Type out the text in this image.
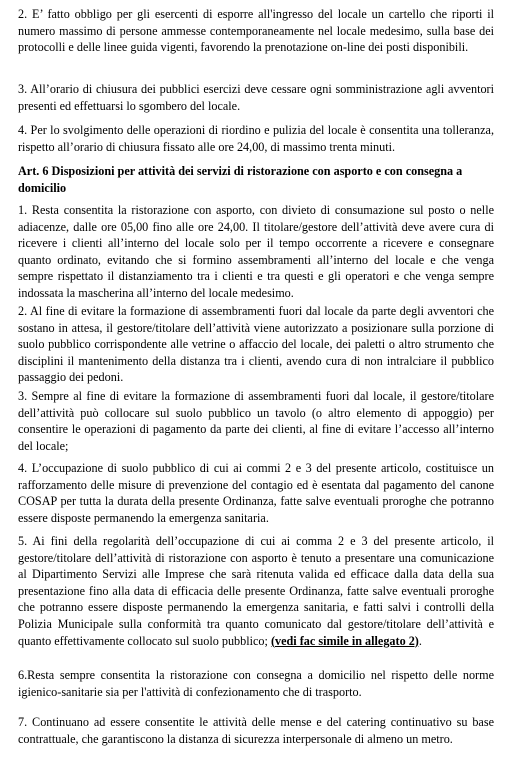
2. E’ fatto obbligo per gli esercenti di esporre all'ingresso del locale un cartello che riporti il numero massimo di persone ammesse contemporaneamente nel locale medesimo, sulla base dei protocolli e delle linee guida vigenti, favorendo la prenotazione on-line dei posti disponibili.

3. All’orario di chiusura dei pubblici esercizi deve cessare ogni somministrazione agli avventori presenti ed effettuarsi lo sgombero del locale.

4. Per lo svolgimento delle operazioni di riordino e pulizia del locale è consentita una tolleranza, rispetto all’orario di chiusura fissato alle ore 24,00, di massimo trenta minuti.

Art. 6 Disposizioni per attività dei servizi di ristorazione con asporto e con consegna a domicilio

1. Resta consentita la ristorazione con asporto, con divieto di consumazione sul posto o nelle adiacenze, dalle ore 05,00 fino alle ore 24,00. Il titolare/gestore dell’attività deve avere cura di ricevere i clienti all’interno del locale solo per il tempo occorrente a ricevere e consegnare quanto ordinato, evitando che si formino assembramenti all’interno del locale e che venga sempre rispettato il distanziamento tra i clienti e tra questi e gli operatori e che venga sempre indossata la mascherina all’interno del locale medesimo.

2. Al fine di evitare la formazione di assembramenti fuori dal locale da parte degli avventori che sostano in attesa, il gestore/titolare dell’attività viene autorizzato a posizionare sulla porzione di suolo pubblico corrispondente alle vetrine o affaccio del locale, dei paletti o altro strumento che disciplini il mantenimento della distanza tra i clienti, avendo cura di non intralciare il pubblico passaggio dei pedoni.

3. Sempre al fine di evitare la formazione di assembramenti fuori dal locale, il gestore/titolare dell’attività può collocare sul suolo pubblico un tavolo (o altro elemento di appoggio) per consentire le operazioni di pagamento da parte dei clienti, al fine di evitare l’accesso all’interno del locale;

4. L’occupazione di suolo pubblico di cui ai commi 2 e 3 del presente articolo, costituisce un rafforzamento delle misure di prevenzione del contagio ed è esentata dal pagamento del canone COSAP per tutta la durata della presente Ordinanza, fatte salve eventuali proroghe che potranno essere disposte permanendo la emergenza sanitaria.

5. Ai fini della regolarità dell’occupazione di cui ai comma 2 e 3 del presente articolo, il gestore/titolare dell’attività di ristorazione con asporto è tenuto a presentare una comunicazione al Dipartimento Servizi alle Imprese che sarà ritenuta valida ed efficace dalla data della sua presentazione fino alla data di efficacia delle presente Ordinanza, fatte salve eventuali proroghe che potranno essere disposte permanendo la emergenza sanitaria, e fatti salvi i controlli della Polizia Municipale sulla conformità tra quanto comunicato dal gestore/titolare dell’attività e quanto effettivamente collocato sul suolo pubblico; (vedi fac simile in allegato 2).

6.Resta sempre consentita la ristorazione con consegna a domicilio nel rispetto delle norme igienico-sanitarie sia per l'attività di confezionamento che di trasporto.

7. Continuano ad essere consentite le attività delle mense e del catering continuativo su base contrattuale, che garantiscono la distanza di sicurezza interpersonale di almeno un metro.
